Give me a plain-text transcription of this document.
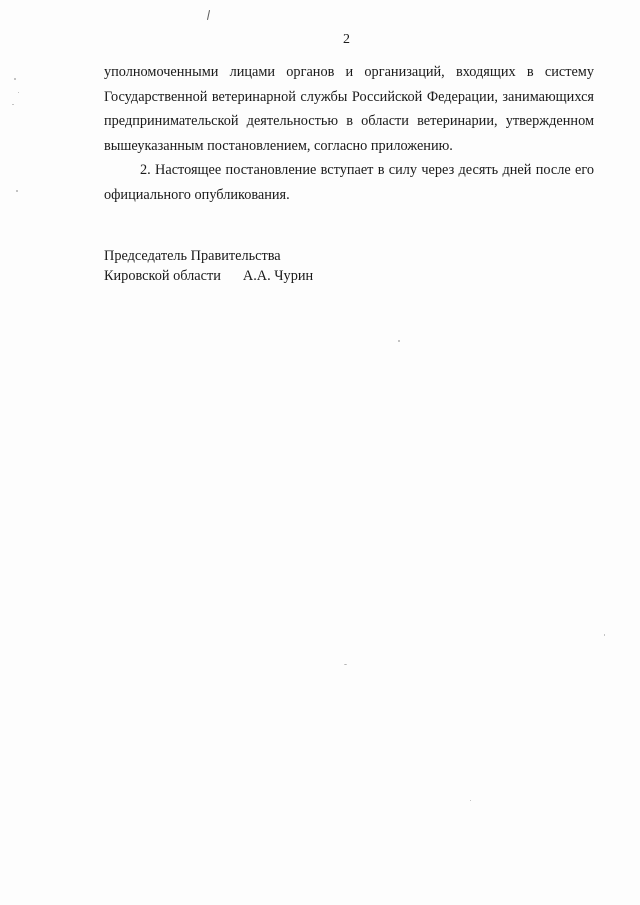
2

уполномоченными лицами органов и организаций, входящих в систему Государственной ветеринарной службы Российской Федерации, занимающихся предпринимательской деятельностью в области ветеринарии, утвержденном вышеуказанным постановлением, согласно приложению.

2. Настоящее постановление вступает в силу через десять дней после его официального опубликования.

Председатель Правительства
Кировской области А.А. Чурин
